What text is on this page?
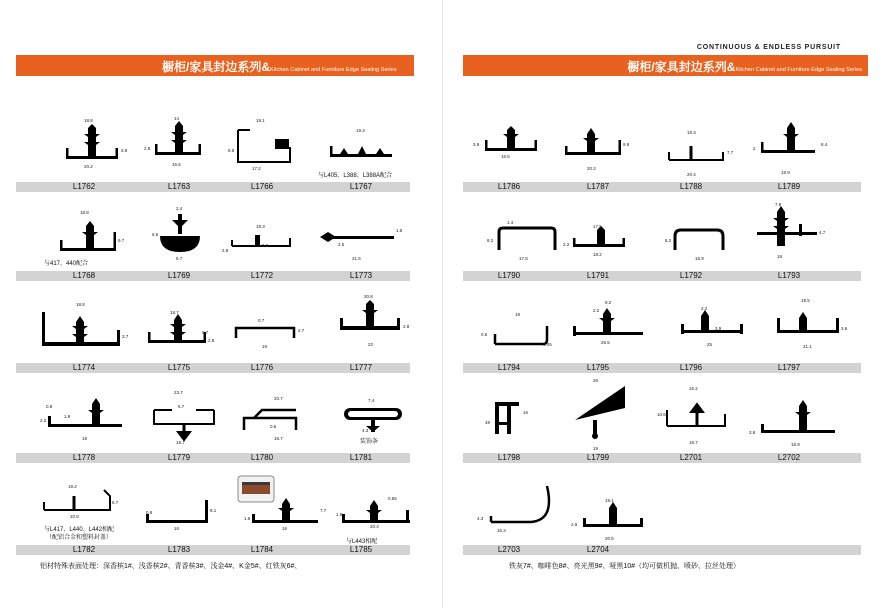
橱柜/家具封边系列&Kitchen Cabinet and Furniture Edge Sealing Series
L1762	L1763	L1766	L1767
L1768	L1769	L1772	L1773
L1774	L1775	L1776	L1777
L1778	L1779	L1780	L1781
L1782	L1783	L1784	L1785
与L405、L388、L388A配合
与417、440配合
装饰条
与L417、L440、L442相配
（配铝合金和塑料封盖）
与L443相配
18.8
20.2
3.8
14
16.5
2.8
19.1
17.2
8.8
19.3
18.8
9.7
2.4
6.5
5.7
19.3
2.8
0.6	2.5
21.6
1.5
18.8
3.7
18.7
2.8
0.7
19
2.7
0.7
20.8
22
2.8
0.8
18
2.2
1.9
23.7
6.7
18.7
20.7
18.7
0.6
7.4
4.3
19.2
20.8
6.7
0.8
16
8.1
1.8
16
7.7
0.55
20.4
1.8
铝材特殊表面处理：深香槟1#、浅香槟2#、青香槟3#、浅金4#、K金5#、红铁灰6#、
CONTINUOUS & ENDLESS PURSUIT
橱柜/家具封边系列&Kitchen Cabinet and Furniture Edge Sealing Series
L1786	L1787	L1788	L1789
L1790	L1791	L1792	L1793
L1794	L1795	L1796	L1797
L1798	L1799	L2701	L2702
L2703	L2704
16.5
3.9
20.2
9.9
19.3
20.4
7.7
18.9
8.4
2
1.4
17.8
8.2
17.5
18.2
2.2
15.9
8.2
7.8
18
4.7
18
0.6
1.45
9.2
2.2
25.5
2.2
25
3.9
19.5
21.1
3.6
48
16
26
19
16.2
16.7
10.6
18.9
3.8
16.3
4.3
19.1
20.5
2.8
铁灰7#、咖啡色8#、亮光黑9#、哑黑10#（均可做机抛、喷砂、拉丝处理）
